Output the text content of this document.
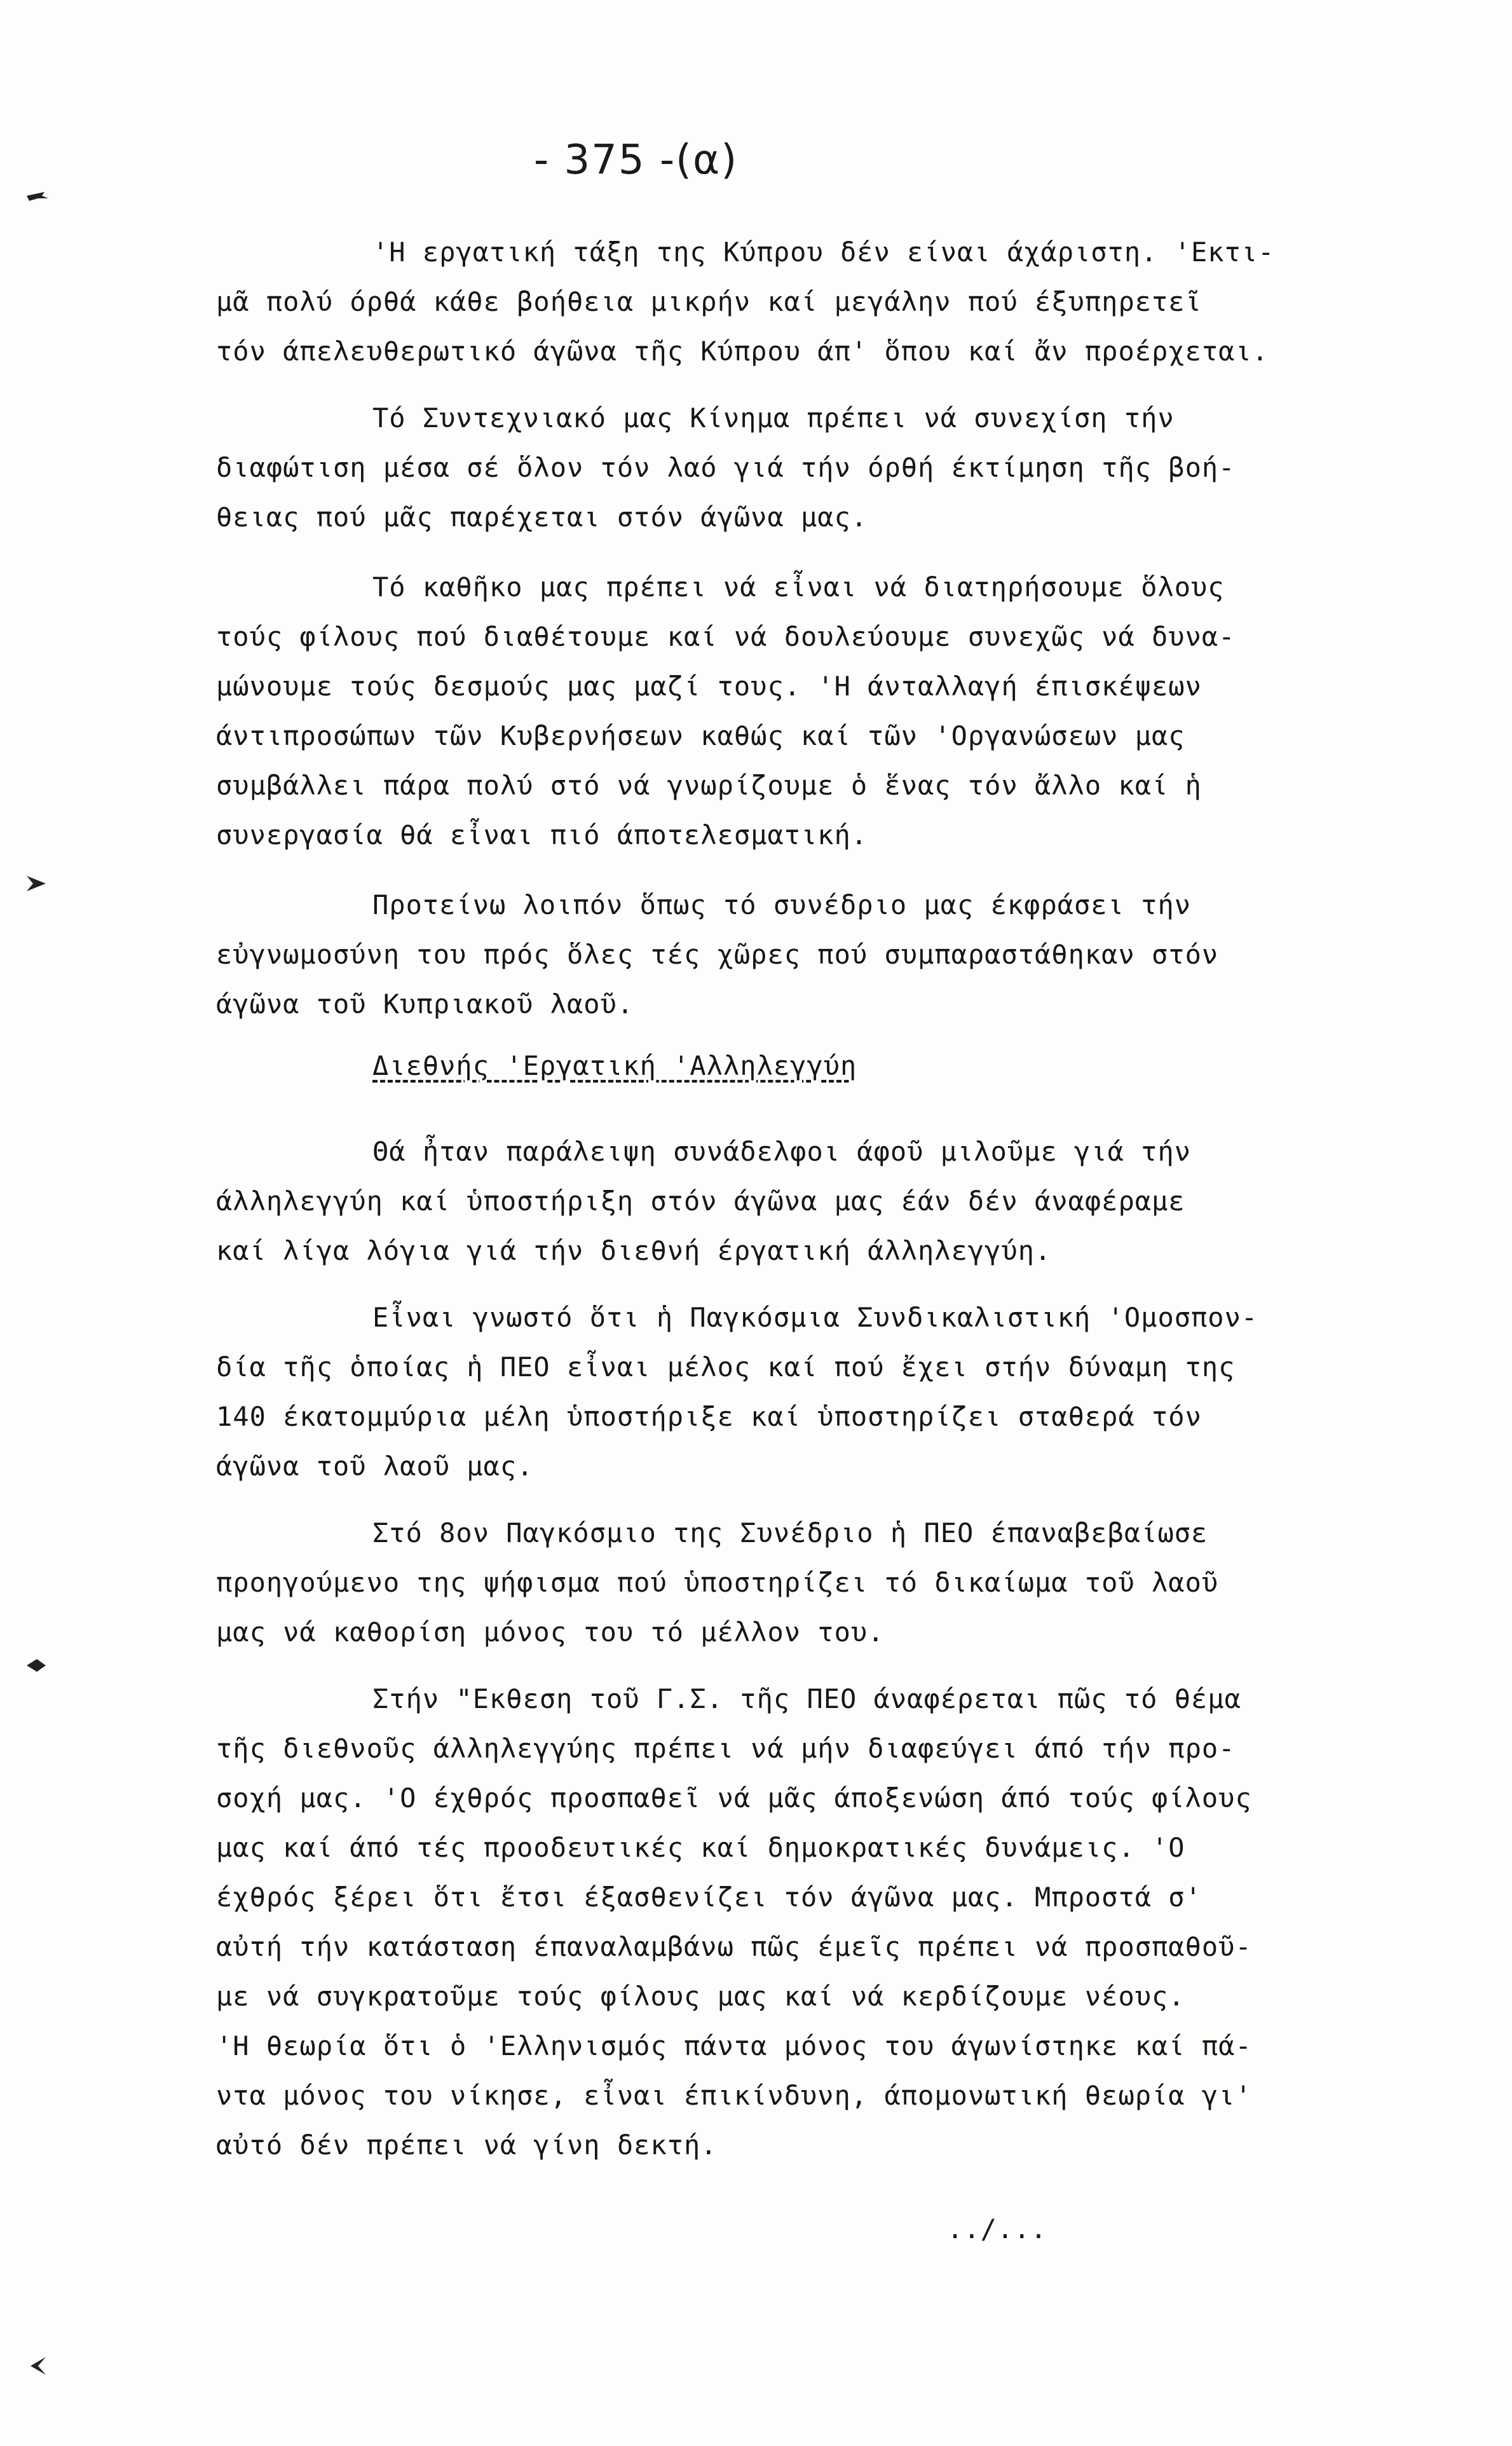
- 375 -(α)
'Η εργατική τάξη της Κύπρου δέν είναι άχάριστη. 'Εκτι-
μᾶ πολύ όρθά κάθε βοήθεια μικρήν καί μεγάλην πού έξυπηρετεῖ
τόν άπελευθερωτικό άγῶνα τῆς Κύπρου άπ' ὅπου καί ἄν προέρχεται.
Τό Συντεχνιακό μας Κίνημα πρέπει νά συνεχίση τήν
διαφώτιση μέσα σέ ὅλον τόν λαό γιά τήν όρθή έκτίμηση τῆς βοή-
θειας πού μᾶς παρέχεται στόν άγῶνα μας.
Τό καθῆκο μας πρέπει νά εἶναι νά διατηρήσουμε ὅλους
τούς φίλους πού διαθέτουμε καί νά δουλεύουμε συνεχῶς νά δυνα-
μώνουμε τούς δεσμούς μας μαζί τους. 'Η άνταλλαγή έπισκέψεων
άντιπροσώπων τῶν Κυβερνήσεων καθώς καί τῶν 'Οργανώσεων μας
συμβάλλει πάρα πολύ στό νά γνωρίζουμε ὁ ἕνας τόν ἄλλο καί ἡ
συνεργασία θά εἶναι πιό άποτελεσματική.
Προτείνω λοιπόν ὅπως τό συνέδριο μας έκφράσει τήν
εὐγνωμοσύνη του πρός ὅλες τές χῶρες πού συμπαραστάθηκαν στόν
άγῶνα τοῦ Κυπριακοῦ λαοῦ.
Διεθνής 'Εργατική 'Αλληλεγγύη
Θά ἦταν παράλειψη συνάδελφοι άφοῦ μιλοῦμε γιά τήν
άλληλεγγύη καί ὑποστήριξη στόν άγῶνα μας έάν δέν άναφέραμε
καί λίγα λόγια γιά τήν διεθνή έργατική άλληλεγγύη.
Εἶναι γνωστό ὅτι ἡ Παγκόσμια Συνδικαλιστική 'Ομοσπον-
δία τῆς ὁποίας ἡ ΠΕΟ εἶναι μέλος καί πού ἔχει στήν δύναμη της
140 έκατομμύρια μέλη ὑποστήριξε καί ὑποστηρίζει σταθερά τόν
άγῶνα τοῦ λαοῦ μας.
Στό 8ον Παγκόσμιο της Συνέδριο ἡ ΠΕΟ έπαναβεβαίωσε
προηγούμενο της ψήφισμα πού ὑποστηρίζει τό δικαίωμα τοῦ λαοῦ
μας νά καθορίση μόνος του τό μέλλον του.
Στήν "Εκθεση τοῦ Γ.Σ. τῆς ΠΕΟ άναφέρεται πῶς τό θέμα
τῆς διεθνοῦς άλληλεγγύης πρέπει νά μήν διαφεύγει άπό τήν προ-
σοχή μας. 'Ο έχθρός προσπαθεῖ νά μᾶς άποξενώση άπό τούς φίλους
μας καί άπό τές προοδευτικές καί δημοκρατικές δυνάμεις. 'Ο
έχθρός ξέρει ὅτι ἔτσι έξασθενίζει τόν άγῶνα μας. Μπροστά σ'
αὐτή τήν κατάσταση έπαναλαμβάνω πῶς έμεῖς πρέπει νά προσπαθοῦ-
με νά συγκρατοῦμε τούς φίλους μας καί νά κερδίζουμε νέους.
'Η θεωρία ὅτι ὁ 'Ελληνισμός πάντα μόνος του άγωνίστηκε καί πά-
ντα μόνος του νίκησε, εἶναι έπικίνδυνη, άπομονωτική θεωρία γι'
αὐτό δέν πρέπει νά γίνη δεκτή.
../...
